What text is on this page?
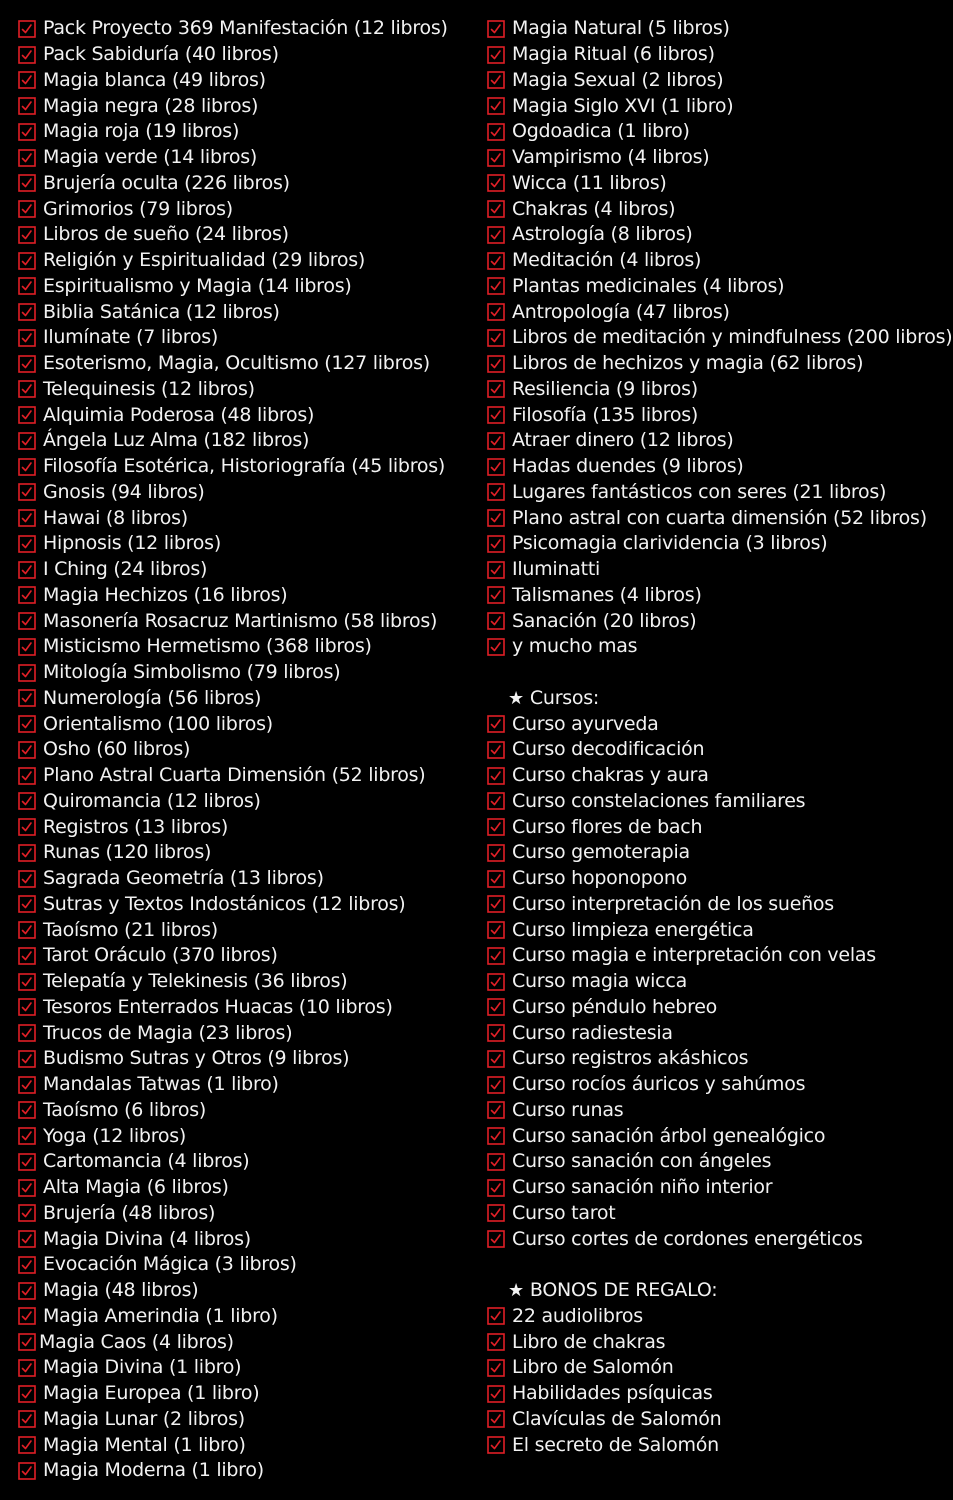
Pack Proyecto 369 Manifestación (12 libros)
Pack Sabiduría (40 libros)
Magia blanca (49 libros)
Magia negra (28 libros)
Magia roja (19 libros)
Magia verde (14 libros)
Brujería oculta (226 libros)
Grimorios (79 libros)
Libros de sueño (24 libros)
Religión y Espiritualidad (29 libros)
Espiritualismo y Magia (14 libros)
Biblia Satánica (12 libros)
Ilumínate (7 libros)
Esoterismo, Magia, Ocultismo (127 libros)
Telequinesis (12 libros)
Alquimia Poderosa (48 libros)
Ángela Luz Alma (182 libros)
Filosofía Esotérica, Historiografía (45 libros)
Gnosis (94 libros)
Hawai (8 libros)
Hipnosis (12 libros)
I Ching (24 libros)
Magia Hechizos (16 libros)
Masonería Rosacruz Martinismo (58 libros)
Misticismo Hermetismo (368 libros)
Mitología Simbolismo (79 libros)
Numerología (56 libros)
Orientalismo (100 libros)
Osho (60 libros)
Plano Astral Cuarta Dimensión (52 libros)
Quiromancia (12 libros)
Registros (13 libros)
Runas (120 libros)
Sagrada Geometría (13 libros)
Sutras y Textos Indostánicos (12 libros)
Taoísmo (21 libros)
Tarot Oráculo (370 libros)
Telepatía y Telekinesis (36 libros)
Tesoros Enterrados Huacas (10 libros)
Trucos de Magia (23 libros)
Budismo Sutras y Otros (9 libros)
Mandalas Tatwas (1 libro)
Taoísmo (6 libros)
Yoga (12 libros)
Cartomancia (4 libros)
Alta Magia (6 libros)
Brujería (48 libros)
Magia Divina (4 libros)
Evocación Mágica (3 libros)
Magia (48 libros)
Magia Amerindia (1 libro)
Magia Caos (4 libros)
Magia Divina (1 libro)
Magia Europea (1 libro)
Magia Lunar (2 libros)
Magia Mental (1 libro)
Magia Moderna (1 libro)
Magia Natural (5 libros)
Magia Ritual (6 libros)
Magia Sexual (2 libros)
Magia Siglo XVI (1 libro)
Ogdoadica (1 libro)
Vampirismo (4 libros)
Wicca (11 libros)
Chakras (4 libros)
Astrología (8 libros)
Meditación (4 libros)
Plantas medicinales (4 libros)
Antropología (47 libros)
Libros de meditación y mindfulness (200 libros)
Libros de hechizos y magia (62 libros)
Resiliencia (9 libros)
Filosofía (135 libros)
Atraer dinero (12 libros)
Hadas duendes (9 libros)
Lugares fantásticos con seres (21 libros)
Plano astral con cuarta dimensión (52 libros)
Psicomagia clarividencia (3 libros)
Iluminatti
Talismanes (4 libros)
Sanación (20 libros)
y mucho mas
★ Cursos:
Curso ayurveda
Curso decodificación
Curso chakras y aura
Curso constelaciones familiares
Curso flores de bach
Curso gemoterapia
Curso hoponopono
Curso interpretación de los sueños
Curso limpieza energética
Curso magia e interpretación con velas
Curso magia wicca
Curso péndulo hebreo
Curso radiestesia
Curso registros akáshicos
Curso rocíos áuricos y sahúmos
Curso runas
Curso sanación árbol genealógico
Curso sanación con ángeles
Curso sanación niño interior
Curso tarot
Curso cortes de cordones energéticos
★ BONOS DE REGALO:
22 audiolibros
Libro de chakras
Libro de Salomón
Habilidades psíquicas
Clavículas de Salomón
El secreto de Salomón
